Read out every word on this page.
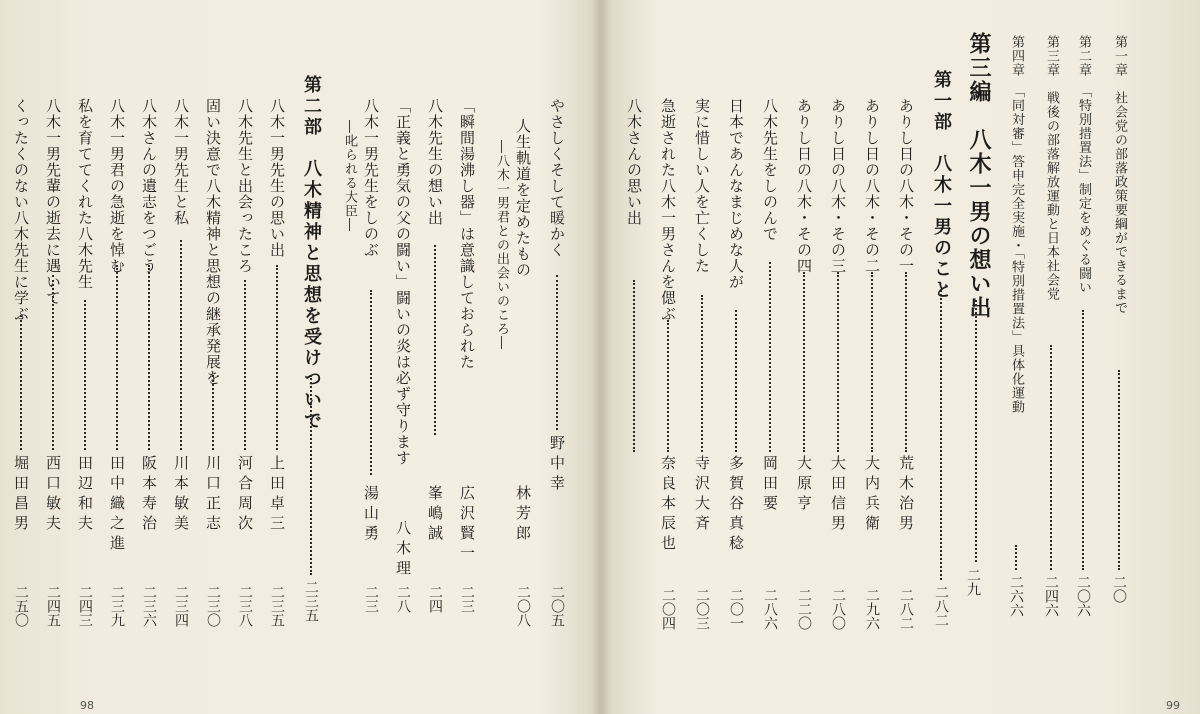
第一章　社会党の部落政策要綱ができるまで
二〇
第二章　「特別措置法」制定をめぐる闘い
二〇六
第三章　戦後の部落解放運動と日本社会党
二四六
第四章　「同対審」答申完全実施・「特別措置法」具体化運動
二六六
第三編　八木一男の想い出
二九
第一部　八木一男のこと
二八二
ありし日の八木・その一
荒木治男
二八二
ありし日の八木・その二
大内兵衛
二九六
ありし日の八木・その三
大田信男
二八〇
ありし日の八木・その四
大原亨
二二〇
八木先生をしのんで
岡田要
二八六
日本であんなまじめな人が
多賀谷真稔
二〇一
実に惜しい人を亡くした
寺沢大斉
二〇三
急逝された八木一男さんを偲ぶ
奈良本辰也
二〇四
八木さんの思い出
99
やさしくそして暖かく
野中幸
二〇五
人生軌道を定めたもの
林芳郎
二〇八
―八木一男君との出会いのころ―
「瞬間湯沸し器」は意識しておられた
広沢賢一
二三
八木先生の想い出
峯嶋誠
二四
「正義と勇気の父の闘い」闘いの炎は必ず守ります
八木理
二八
八木一男先生をしのぶ
湯山勇
二三
―叱られる大臣―
第二部　八木精神と思想を受けついで
二三五
八木一男先生の思い出
上田卓三
二三五
八木先生と出会ったころ
河合周次
二三八
固い決意で八木精神と思想の継承発展を
川口正志
二三〇
八木一男先生と私
川本敏美
二三四
八木さんの遺志をつごう
阪本寿治
二三六
八木一男君の急逝を悼む
田中織之進
二三九
私を育ててくれた八木先生
田辺和夫
二四三
八木一男先輩の逝去に遇いて
西口敏夫
二四五
くったくのない八木先生に学ぶ
堀田昌男
二五〇
98
